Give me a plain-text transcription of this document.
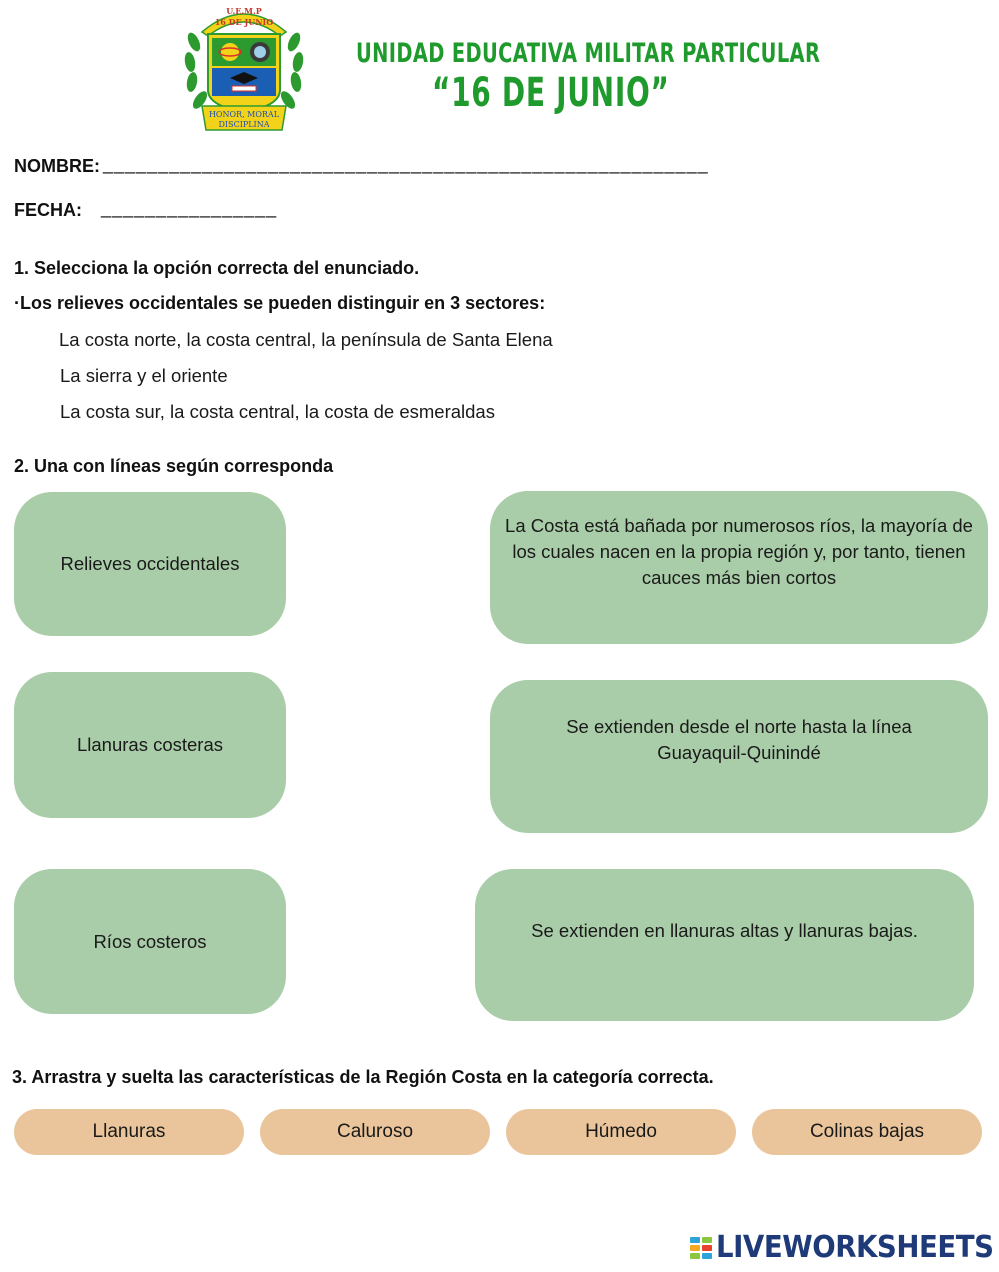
U.E.M.P
16 DE JUNIO
HONOR, MORAL
DISCIPLINA
UNIDAD EDUCATIVA MILITAR PARTICULAR
“16 DE JUNIO”
NOMBRE: _______________________________________________________
FECHA: ________________
1. Selecciona la opción correcta del enunciado.
·Los relieves occidentales se pueden distinguir en 3 sectores:
La costa norte, la costa central, la península de Santa Elena
La sierra y el oriente
La costa sur, la costa central, la costa de esmeraldas
2. Una con líneas según corresponda
Relieves occidentales
Llanuras costeras
Ríos costeros
La Costa está bañada por numerosos ríos, la mayoría de los cuales nacen en la propia región y, por tanto, tienen cauces más bien cortos
Se extienden desde el norte hasta la línea Guayaquil-Quinindé
Se extienden en llanuras altas y llanuras bajas.
3. Arrastra y suelta las características de la Región Costa en la categoría correcta.
Llanuras	Caluroso	Húmedo	Colinas bajas
LIVEWORKSHEETS
